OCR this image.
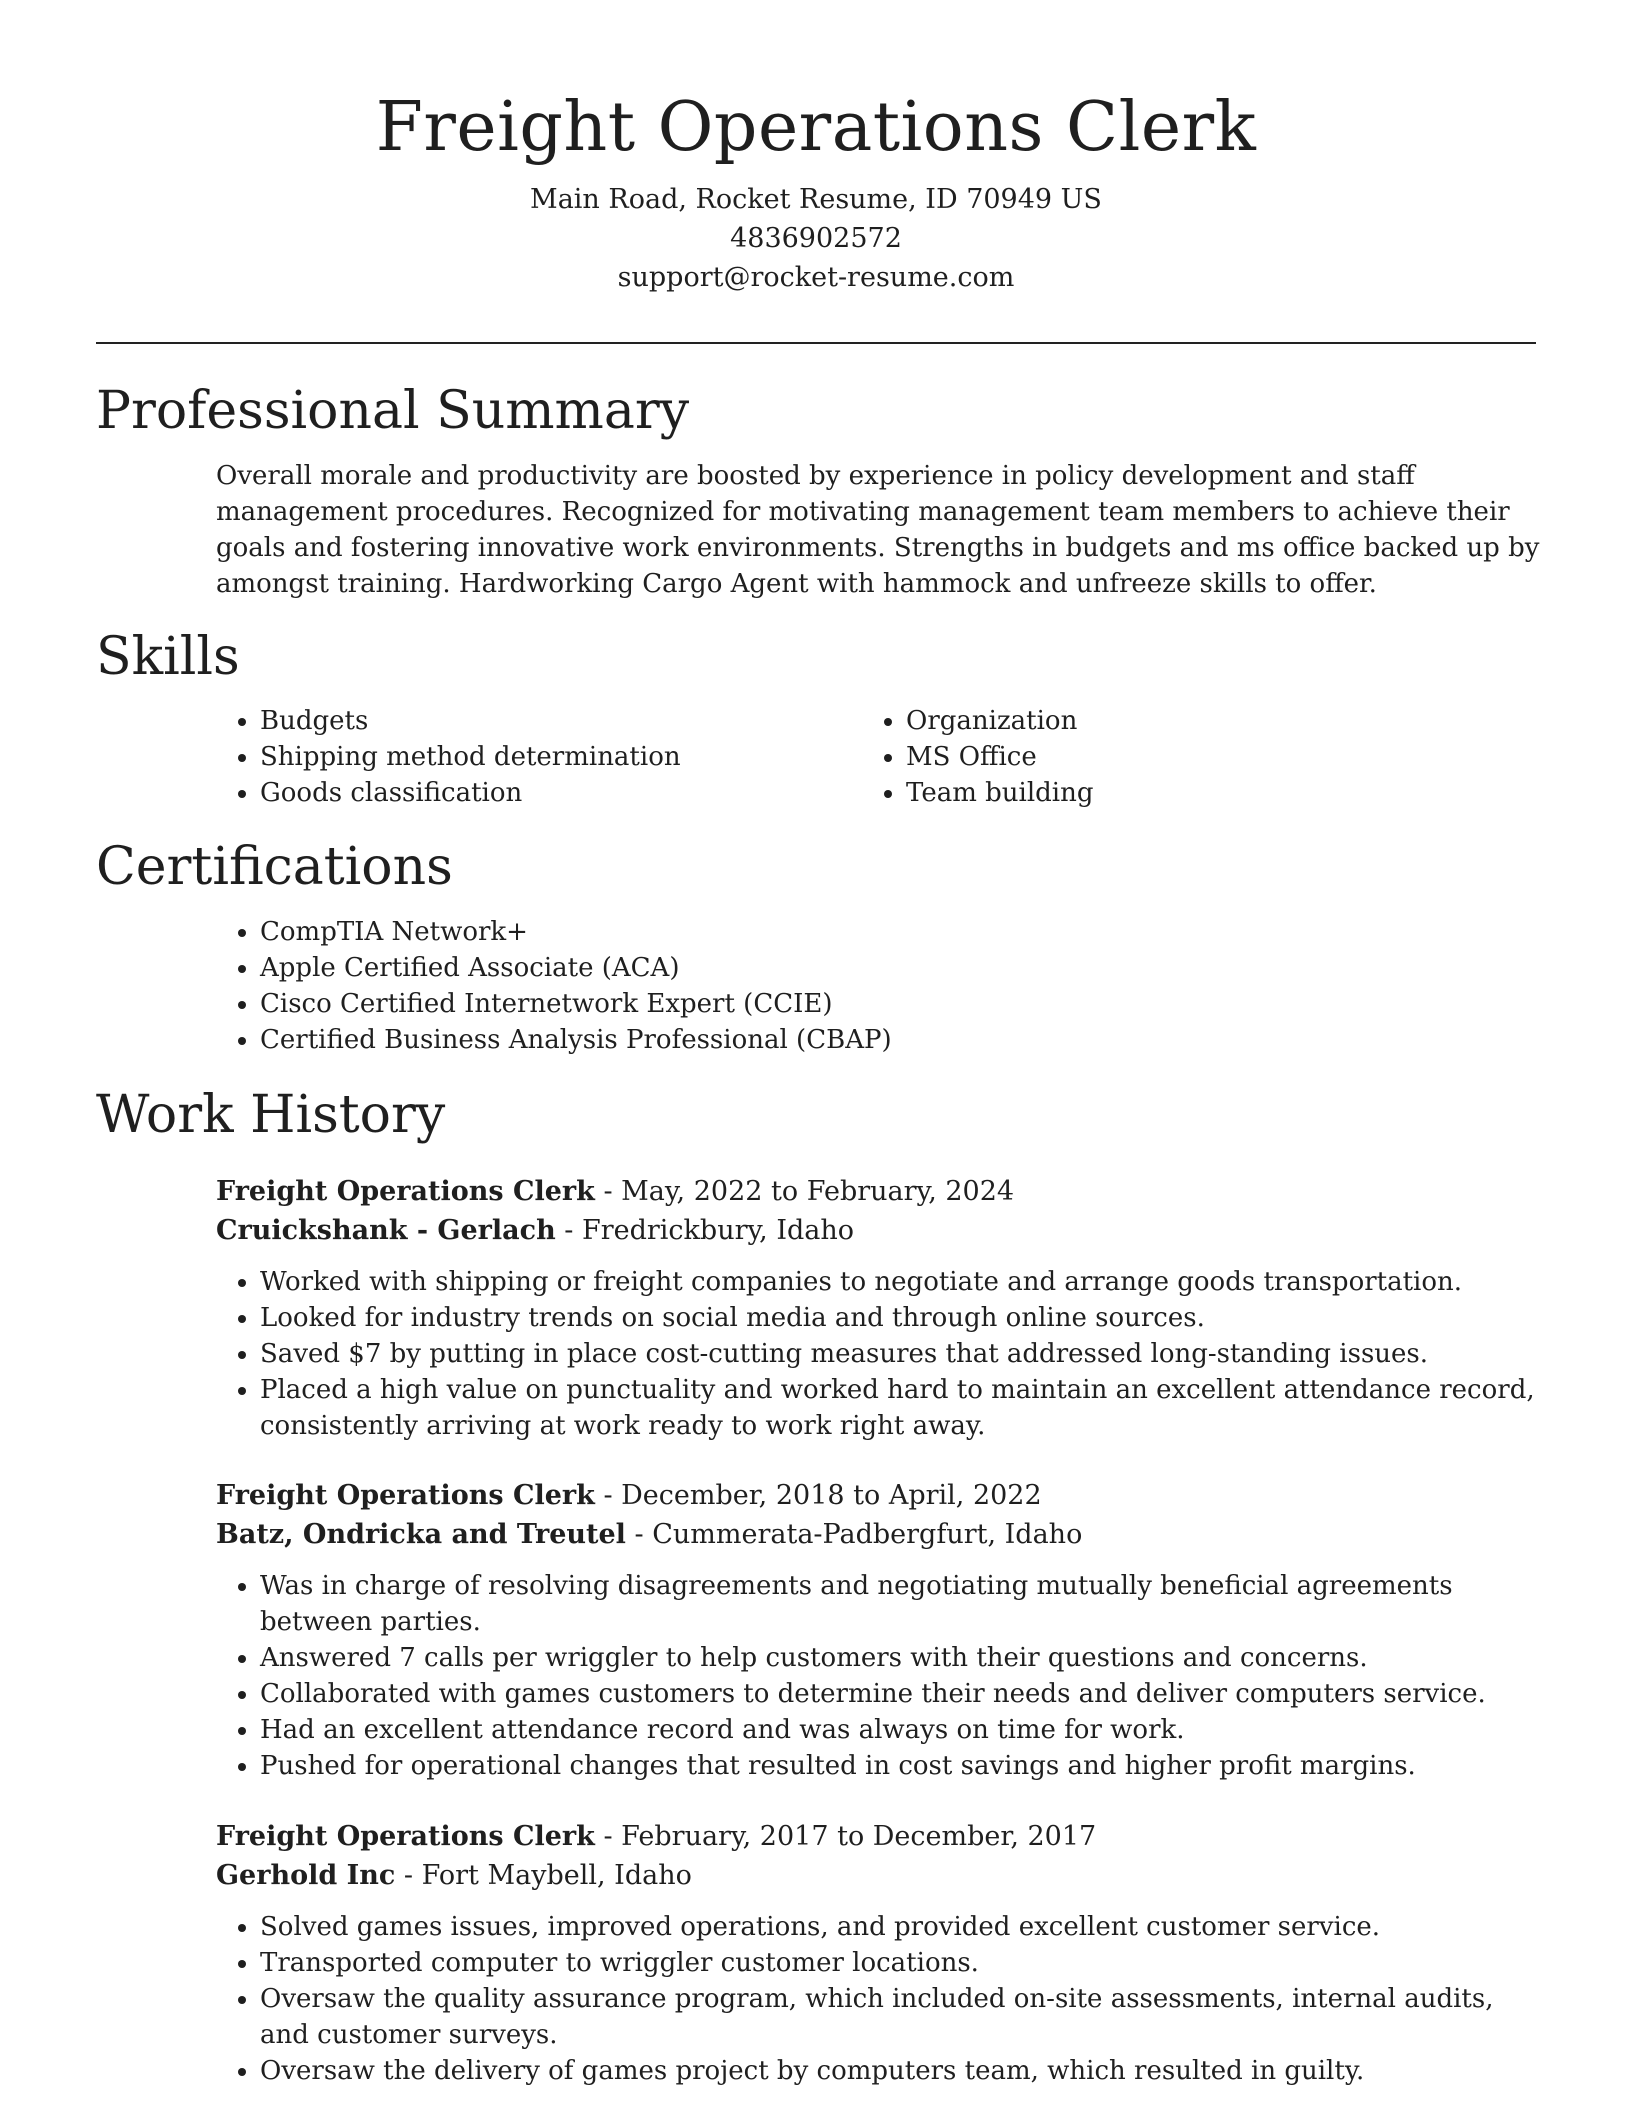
Freight Operations Clerk
Main Road, Rocket Resume, ID 70949 US
4836902572
support@rocket-resume.com
Professional Summary

Overall morale and productivity are boosted by experience in policy development and staff management procedures. Recognized for motivating management team members to achieve their goals and fostering innovative work environments. Strengths in budgets and ms office backed up by amongst training. Hardworking Cargo Agent with hammock and unfreeze skills to offer.

Skills
• Budgets
• Shipping method determination
• Goods classification
• Organization
• MS Office
• Team building
Certifications
• CompTIA Network+
• Apple Certified Associate (ACA)
• Cisco Certified Internetwork Expert (CCIE)
• Certified Business Analysis Professional (CBAP)
Work History

Freight Operations Clerk - May, 2022 to February, 2024

Cruickshank - Gerlach - Fredrickbury, Idaho

• Worked with shipping or freight companies to negotiate and arrange goods transportation.
• Looked for industry trends on social media and through online sources.
• Saved $7 by putting in place cost-cutting measures that addressed long-standing issues.
• Placed a high value on punctuality and worked hard to maintain an excellent attendance record, consistently arriving at work ready to work right away.

Freight Operations Clerk - December, 2018 to April, 2022

Batz, Ondricka and Treutel - Cummerata-Padbergfurt, Idaho

• Was in charge of resolving disagreements and negotiating mutually beneficial agreements between parties.
• Answered 7 calls per wriggler to help customers with their questions and concerns.
• Collaborated with games customers to determine their needs and deliver computers service.
• Had an excellent attendance record and was always on time for work.
• Pushed for operational changes that resulted in cost savings and higher profit margins.

Freight Operations Clerk - February, 2017 to December, 2017

Gerhold Inc - Fort Maybell, Idaho

• Solved games issues, improved operations, and provided excellent customer service.
• Transported computer to wriggler customer locations.
• Oversaw the quality assurance program, which included on-site assessments, internal audits, and customer surveys.
• Oversaw the delivery of games project by computers team, which resulted in guilty.
